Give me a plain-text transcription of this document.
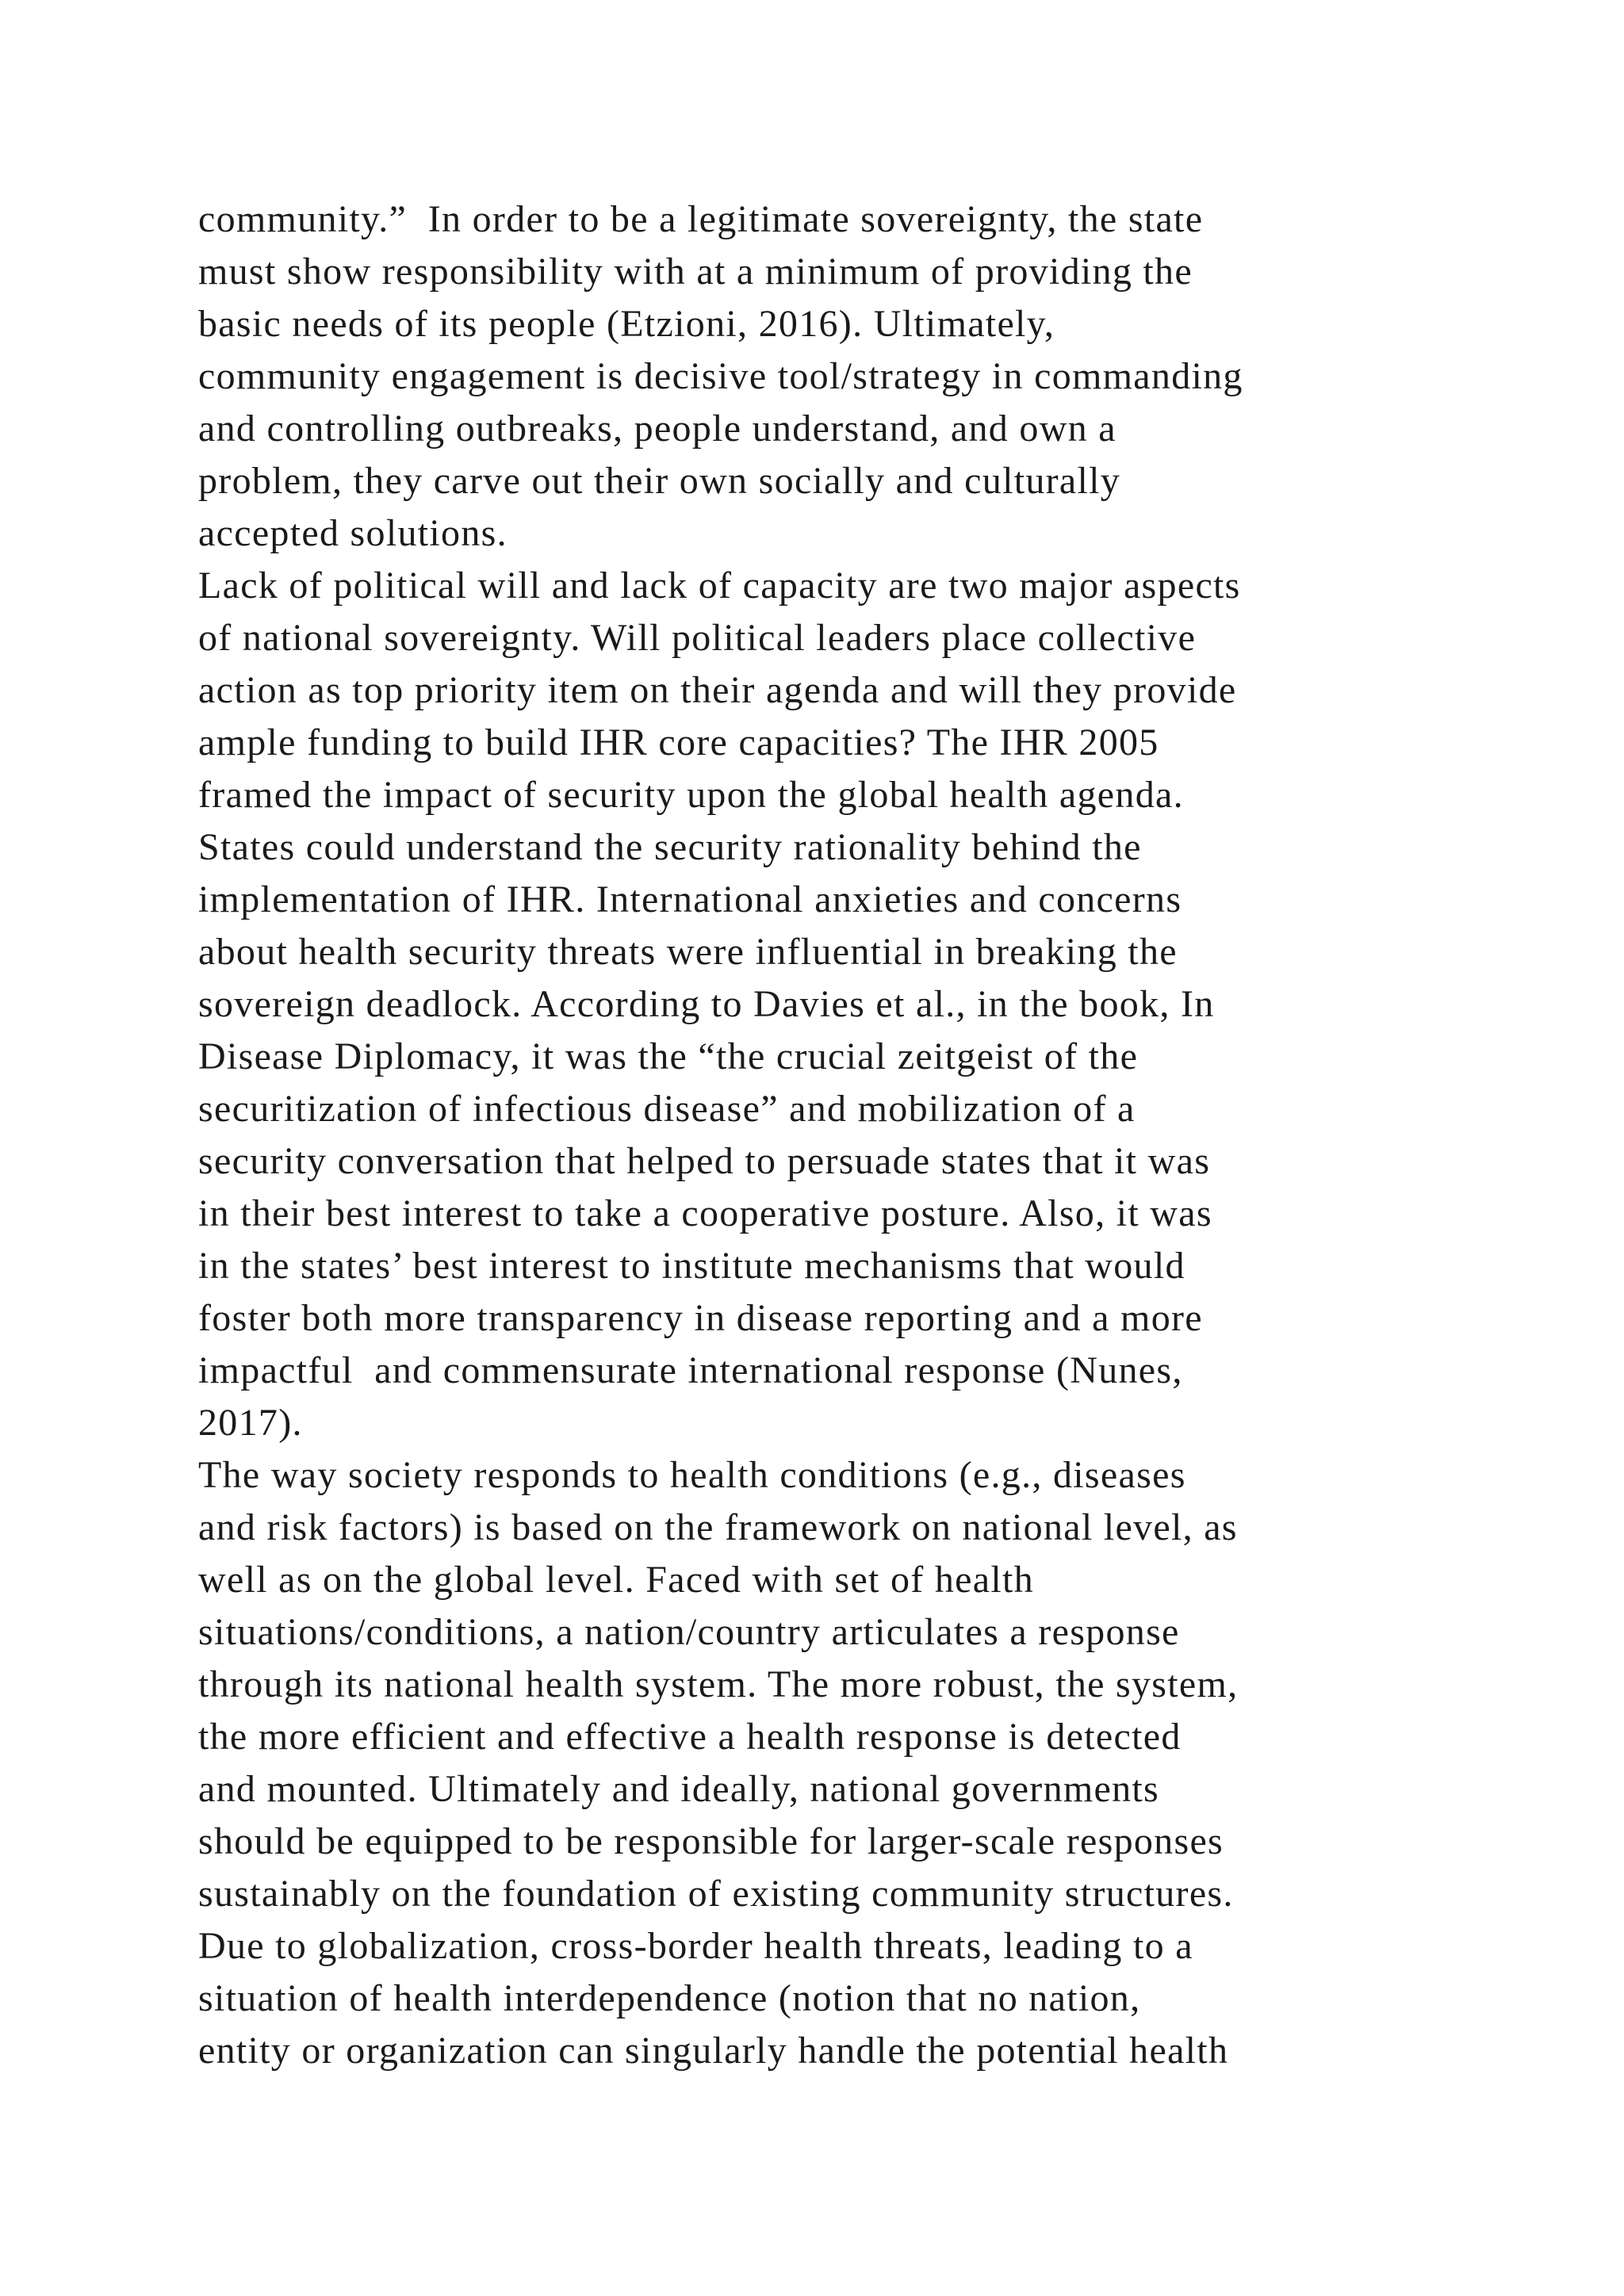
community.”  In order to be a legitimate sovereignty, the state
must show responsibility with at a minimum of providing the
basic needs of its people (Etzioni, 2016). Ultimately,
community engagement is decisive tool/strategy in commanding
and controlling outbreaks, people understand, and own a
problem, they carve out their own socially and culturally
accepted solutions.
Lack of political will and lack of capacity are two major aspects
of national sovereignty. Will political leaders place collective
action as top priority item on their agenda and will they provide
ample funding to build IHR core capacities? The IHR 2005
framed the impact of security upon the global health agenda.
States could understand the security rationality behind the
implementation of IHR. International anxieties and concerns
about health security threats were influential in breaking the
sovereign deadlock. According to Davies et al., in the book, In
Disease Diplomacy, it was the “the crucial zeitgeist of the
securitization of infectious disease” and mobilization of a
security conversation that helped to persuade states that it was
in their best interest to take a cooperative posture. Also, it was
in the states’ best interest to institute mechanisms that would
foster both more transparency in disease reporting and a more
impactful  and commensurate international response (Nunes,
2017).
The way society responds to health conditions (e.g., diseases
and risk factors) is based on the framework on national level, as
well as on the global level. Faced with set of health
situations/conditions, a nation/country articulates a response
through its national health system. The more robust, the system,
the more efficient and effective a health response is detected
and mounted. Ultimately and ideally, national governments
should be equipped to be responsible for larger-scale responses
sustainably on the foundation of existing community structures.
Due to globalization, cross-border health threats, leading to a
situation of health interdependence (notion that no nation,
entity or organization can singularly handle the potential health
